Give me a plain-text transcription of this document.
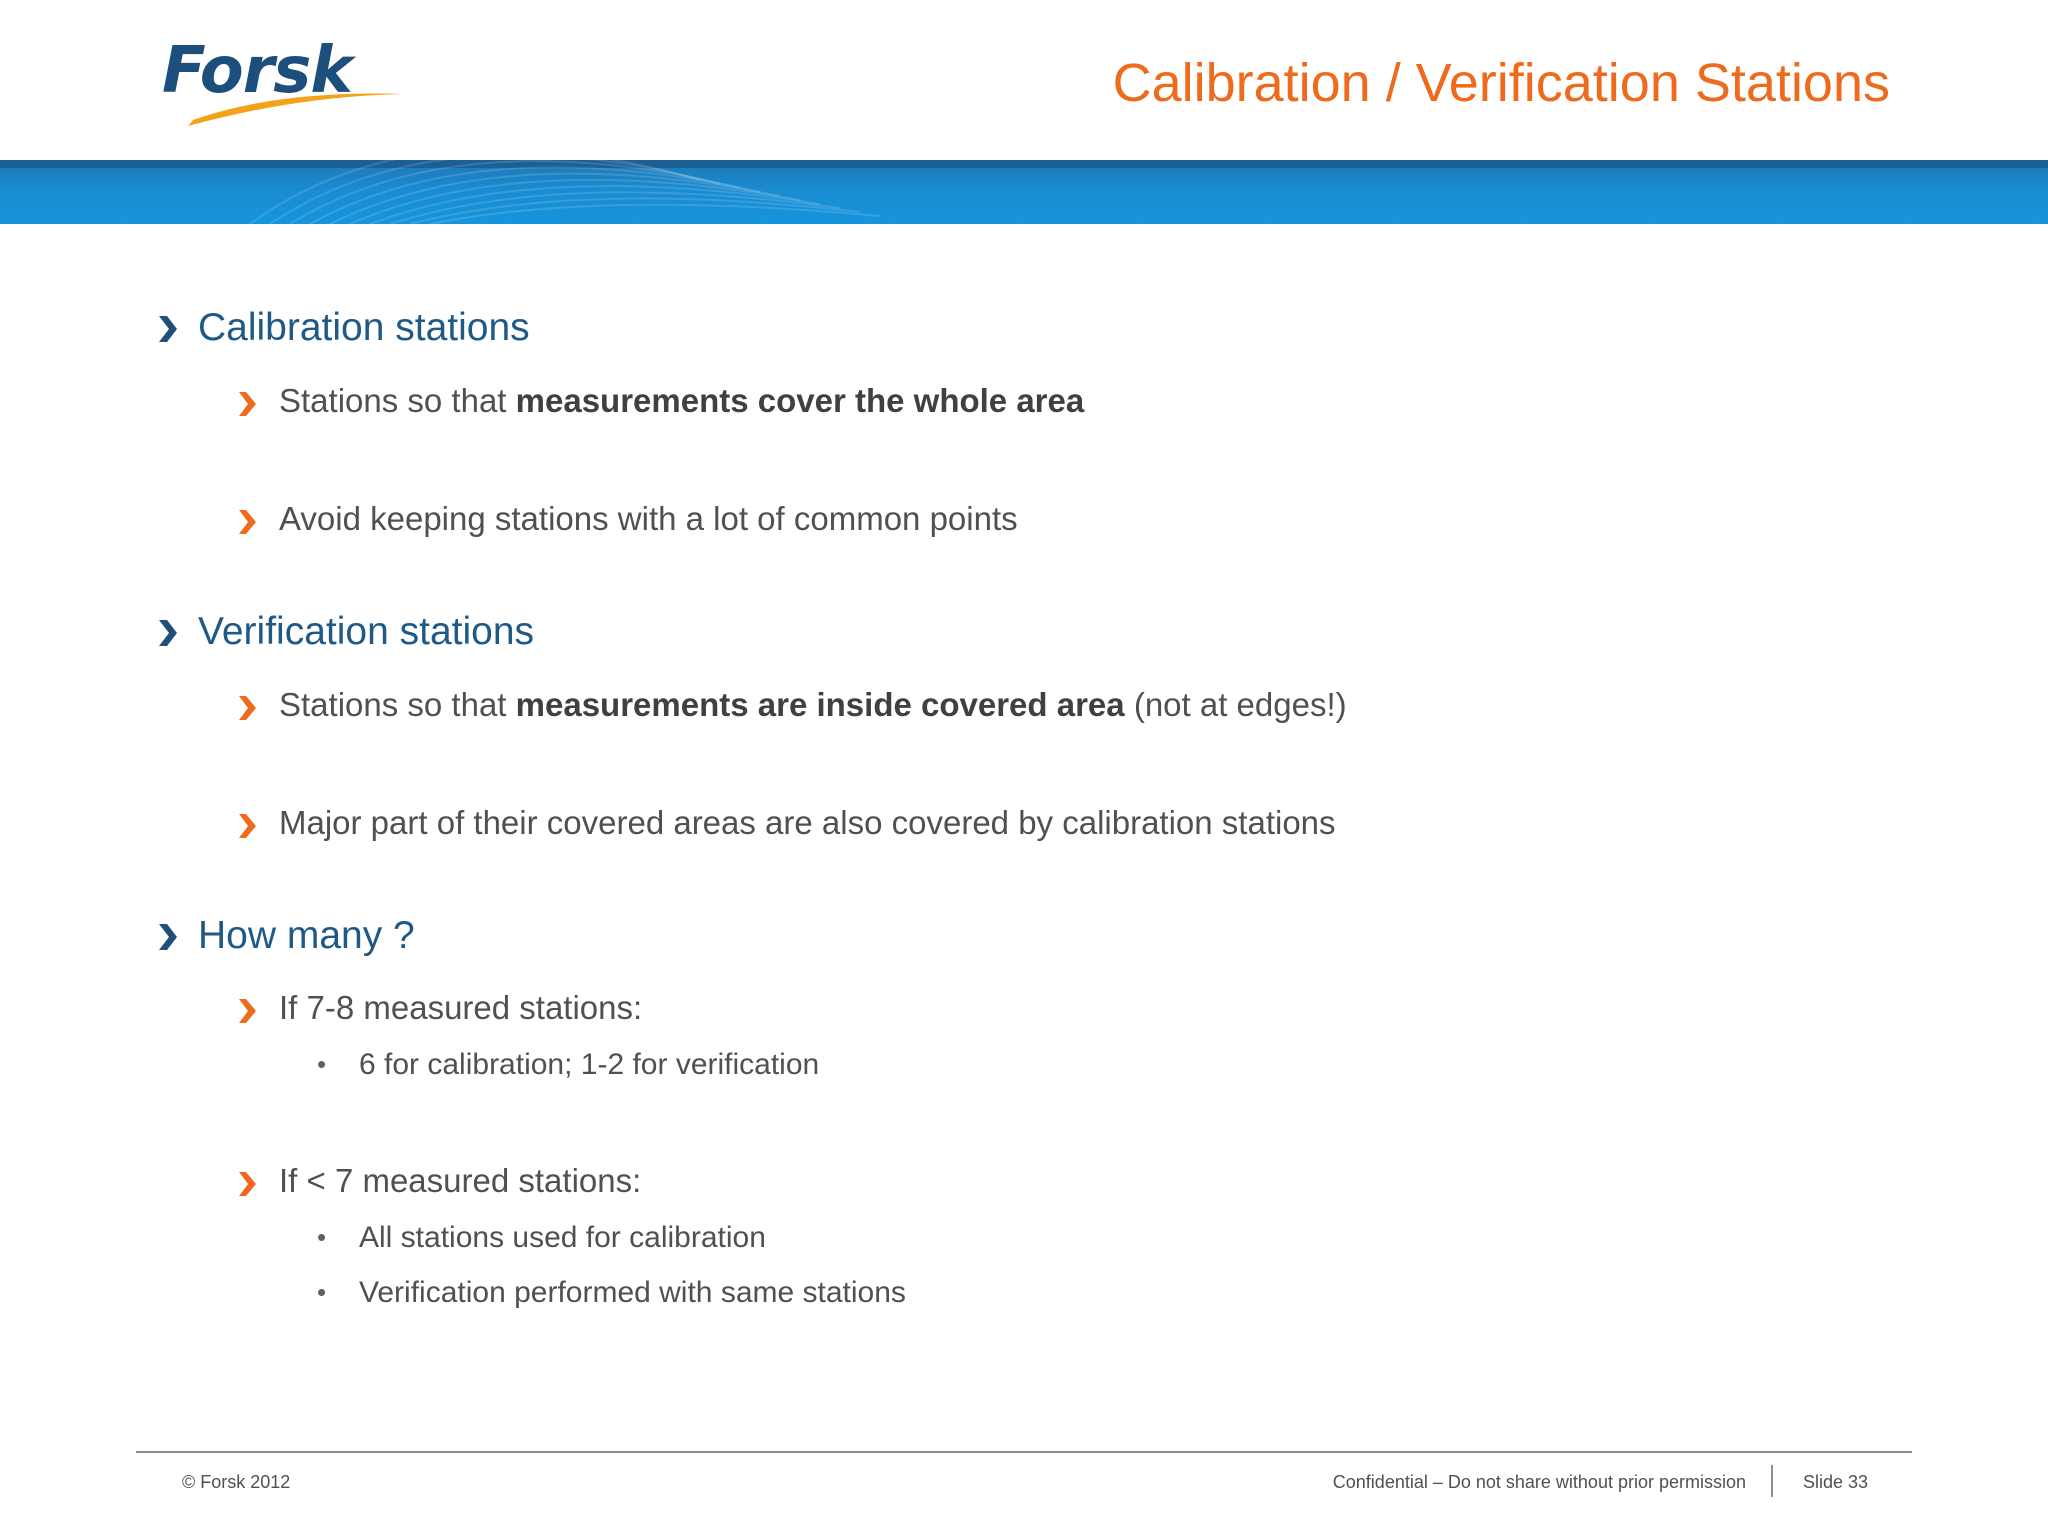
Forsk	Calibration / Verification Stations
Calibration stations
Stations so that measurements cover the whole area
Avoid keeping stations with a lot of common points
Verification stations
Stations so that measurements are inside covered area (not at edges!)
Major part of their covered areas are also covered by calibration stations
How many ?
If 7-8 measured stations:
• 6 for calibration; 1-2 for verification
If < 7 measured stations:
• All stations used for calibration
• Verification performed with same stations
© Forsk 2012	Confidential – Do not share without prior permission	Slide 33
